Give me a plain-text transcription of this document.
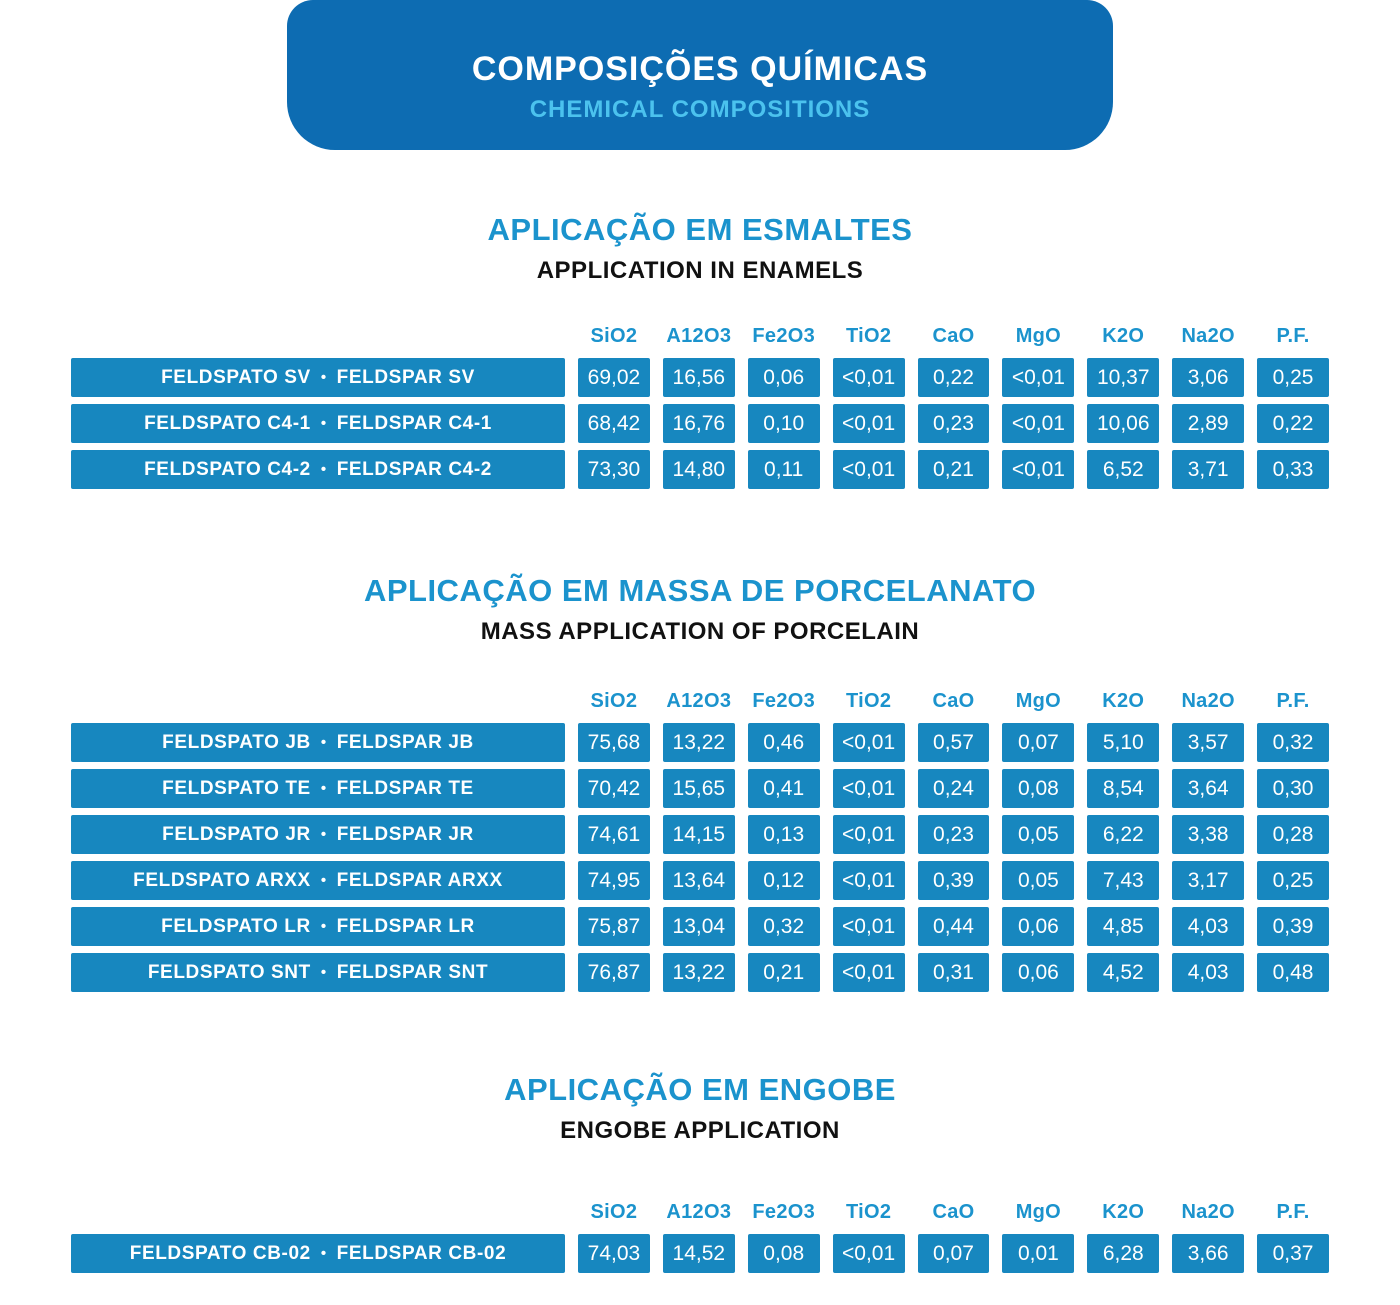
COMPOSIÇÕES QUÍMICAS
CHEMICAL COMPOSITIONS
APLICAÇÃO EM ESMALTES
APPLICATION IN ENAMELS
SiO2	A12O3 Fe2O3	TiO2	CaO	MgO	K2O	Na2O	P.F.
FELDSPATO SV • FELDSPAR SV	69,02	16,56	0,06	<0,01	0,22	<0,01	10,37	3,06	0,25
FELDSPATO C4-1 • FELDSPAR C4-1	68,42	16,76	0,10	<0,01	0,23	<0,01	10,06	2,89	0,22
FELDSPATO C4-2 • FELDSPAR C4-2	73,30	14,80	0,11	<0,01	0,21	<0,01	6,52	3,71	0,33
APLICAÇÃO EM MASSA DE PORCELANATO
MASS APPLICATION OF PORCELAIN
SiO2	A12O3 Fe2O3	TiO2	CaO	MgO	K2O	Na2O	P.F.
FELDSPATO JB • FELDSPAR JB	75,68	13,22	0,46	<0,01	0,57	0,07	5,10	3,57	0,32
FELDSPATO TE • FELDSPAR TE	70,42	15,65	0,41	<0,01	0,24	0,08	8,54	3,64	0,30
FELDSPATO JR • FELDSPAR JR	74,61	14,15	0,13	<0,01	0,23	0,05	6,22	3,38	0,28
FELDSPATO ARXX • FELDSPAR ARXX	74,95	13,64	0,12	<0,01	0,39	0,05	7,43	3,17	0,25
FELDSPATO LR • FELDSPAR LR	75,87	13,04	0,32	<0,01	0,44	0,06	4,85	4,03	0,39
FELDSPATO SNT • FELDSPAR SNT	76,87	13,22	0,21	<0,01	0,31	0,06	4,52	4,03	0,48
APLICAÇÃO EM ENGOBE
ENGOBE APPLICATION
SiO2	A12O3 Fe2O3	TiO2	CaO	MgO	K2O	Na2O	P.F.
FELDSPATO CB-02 • FELDSPAR CB-02	74,03	14,52	0,08	<0,01	0,07	0,01	6,28	3,66	0,37
